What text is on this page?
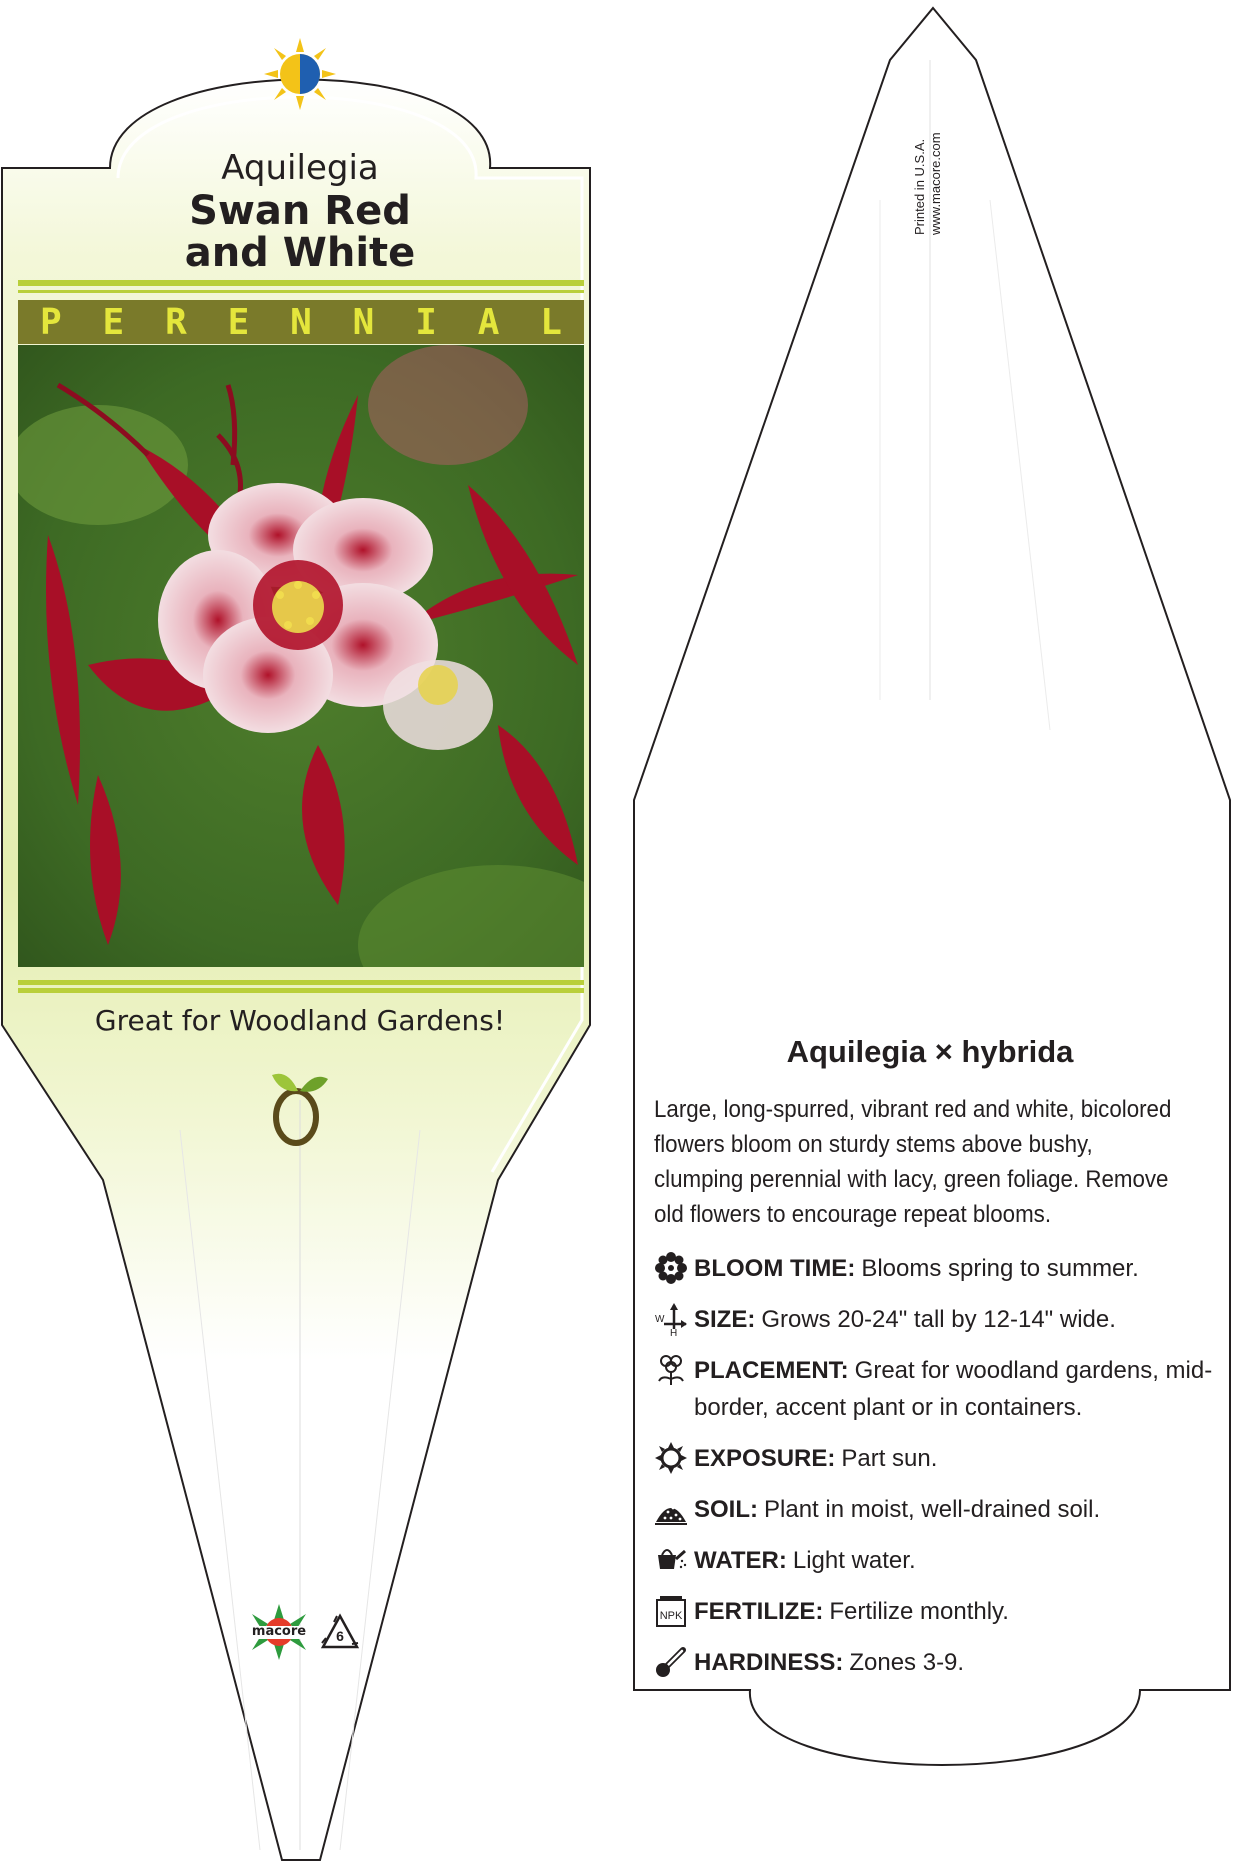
Aquilegia
Swan Red
and White
P E R E N N I A L
Great for Woodland Gardens!
macore	6
Printed in U.S.A. www.macore.com
Aquilegia × hybrida
Large, long-spurred, vibrant red and white, bicolored flowers bloom on sturdy stems above bushy, clumping perennial with lacy, green foliage. Remove old flowers to encourage repeat blooms.
BLOOM TIME: Blooms spring to summer.
W
H
SIZE: Grows 20-24" tall by 12-14" wide.
PLACEMENT: Great for woodland gardens, mid-border, accent plant or in containers.
EXPOSURE: Part sun.
SOIL: Plant in moist, well-drained soil.
WATER: Light water.
NPK FERTILIZE: Fertilize monthly.
HARDINESS: Zones 3-9.
